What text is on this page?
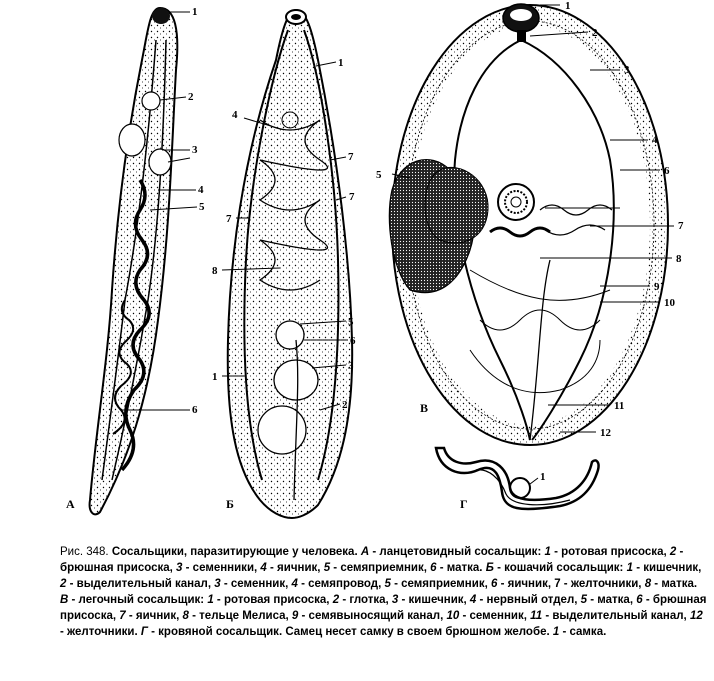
1
2
3
4
5
6
А
1
4
7
7
7
8
5
6
3
1
2
Б
1
2
3
4
5	6
7
8
9
10
11
12
В
1
Г

Рис. 348. Сосальщики, паразитирующие у человека. А - ланцетовидный сосальщик: 1 - ротовая присоска, 2 - брюшная присоска, 3 - семенники, 4 - яичник, 5 - семяприемник, 6 - матка. Б - кошачий сосальщик: 1 - кишечник, 2 - выделительный канал, 3 - семенник, 4 - семяпровод, 5 - семяприемник, 6 - яичник, 7 - желточники, 8 - матка. В - легочный сосальщик: 1 - ротовая присоска, 2 - глотка, 3 - кишечник, 4 - нервный отдел, 5 - матка, 6 - брюшная присоска, 7 - яичник, 8 - тельце Мелиса, 9 - семявыносящий канал, 10 - семенник, 11 - выделительный канал, 12 - желточники. Г - кровяной сосальщик. Самец несет самку в своем брюшном желобе. 1 - самка.
